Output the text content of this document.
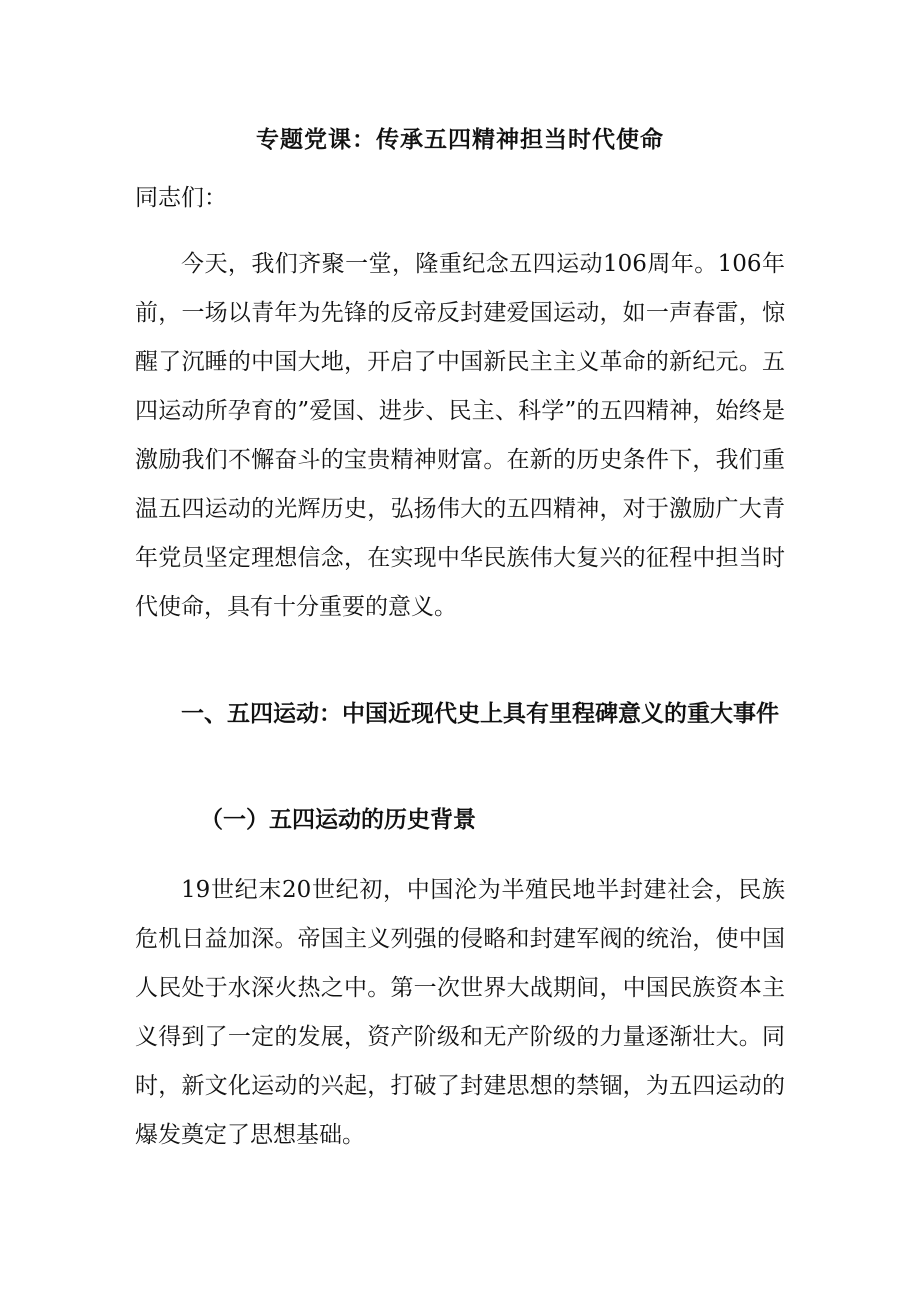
专题党课：传承五四精神担当时代使命
同志们：

今天，我们齐聚一堂，隆重纪念五四运动106周年。106年前，一场以青年为先锋的反帝反封建爱国运动，如一声春雷，惊醒了沉睡的中国大地，开启了中国新民主主义革命的新纪元。五四运动所孕育的”爱国、进步、民主、科学”的五四精神，始终是激励我们不懈奋斗的宝贵精神财富。在新的历史条件下，我们重温五四运动的光辉历史，弘扬伟大的五四精神，对于激励广大青年党员坚定理想信念，在实现中华民族伟大复兴的征程中担当时代使命，具有十分重要的意义。

一、五四运动：中国近现代史上具有里程碑意义的重大事件

（一）五四运动的历史背景

19世纪末20世纪初，中国沦为半殖民地半封建社会，民族危机日益加深。帝国主义列强的侵略和封建军阀的统治，使中国人民处于水深火热之中。第一次世界大战期间，中国民族资本主义得到了一定的发展，资产阶级和无产阶级的力量逐渐壮大。同时，新文化运动的兴起，打破了封建思想的禁锢，为五四运动的爆发奠定了思想基础。
